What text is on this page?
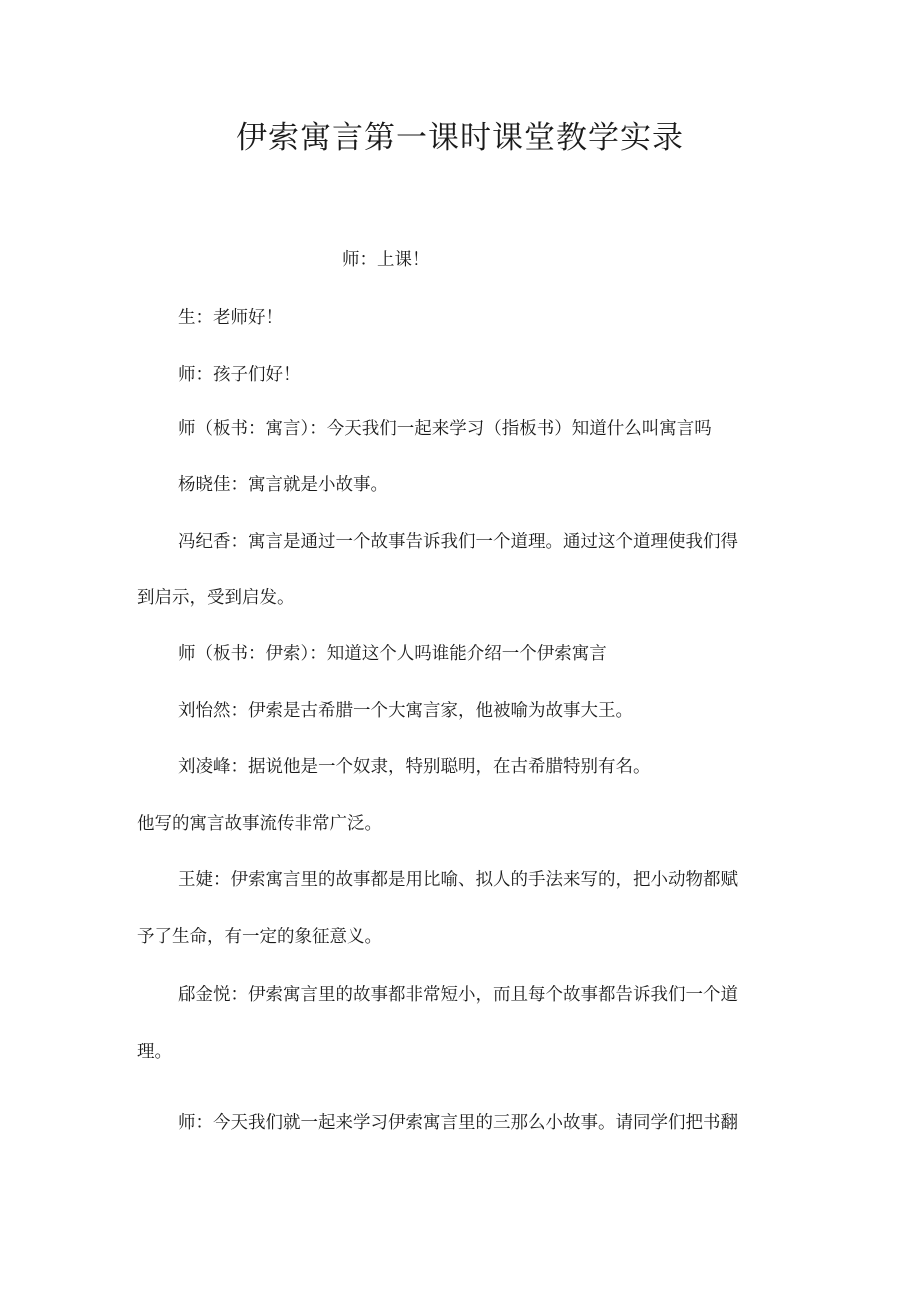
伊索寓言第一课时课堂教学实录
师：上课！
生：老师好！
师：孩子们好！
师（板书：寓言）：今天我们一起来学习（指板书）知道什么叫寓言吗
杨晓佳：寓言就是小故事。
冯纪香：寓言是通过一个故事告诉我们一个道理。通过这个道理使我们得
到启示，受到启发。
师（板书：伊索）：知道这个人吗谁能介绍一个伊索寓言
刘怡然：伊索是古希腊一个大寓言家，他被喻为故事大王。
刘凌峰：据说他是一个奴隶，特别聪明，在古希腊特别有名。
他写的寓言故事流传非常广泛。
王婕：伊索寓言里的故事都是用比喻、拟人的手法来写的，把小动物都赋
予了生命，有一定的象征意义。
郈金悦：伊索寓言里的故事都非常短小，而且每个故事都告诉我们一个道
理。
师：今天我们就一起来学习伊索寓言里的三那么小故事。请同学们把书翻
